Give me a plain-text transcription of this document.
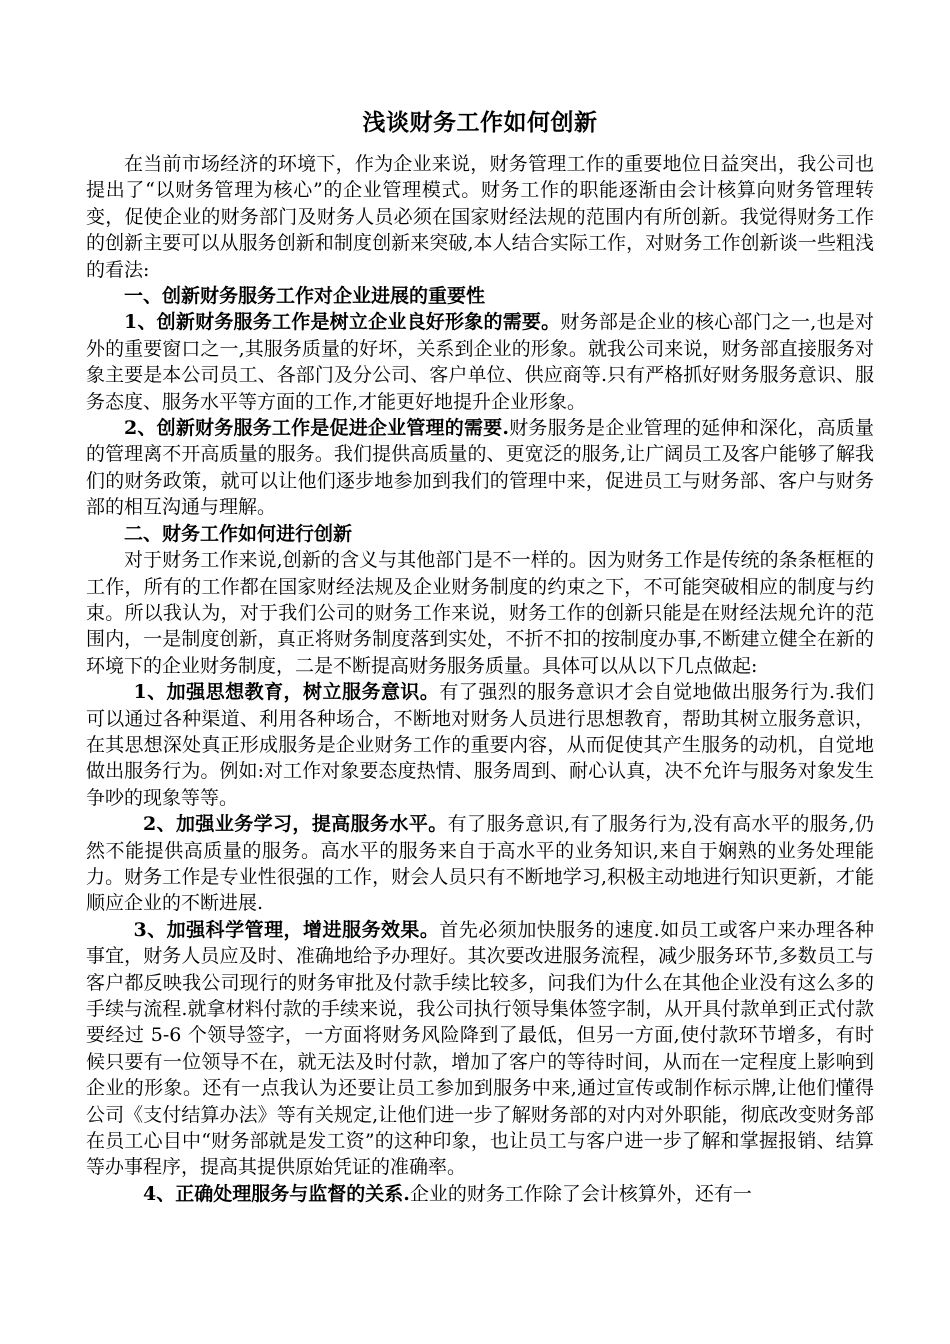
浅谈财务工作如何创新

在当前市场经济的环境下，作为企业来说，财务管理工作的重要地位日益突出，我公司也提出了“以财务管理为核心”的企业管理模式。财务工作的职能逐渐由会计核算向财务管理转变，促使企业的财务部门及财务人员必须在国家财经法规的范围内有所创新。我觉得财务工作的创新主要可以从服务创新和制度创新来突破,本人结合实际工作，对财务工作创新谈一些粗浅的看法:

一、创新财务服务工作对企业进展的重要性

1、创新财务服务工作是树立企业良好形象的需要。财务部是企业的核心部门之一,也是对外的重要窗口之一,其服务质量的好坏，关系到企业的形象。就我公司来说，财务部直接服务对象主要是本公司员工、各部门及分公司、客户单位、供应商等.只有严格抓好财务服务意识、服务态度、服务水平等方面的工作,才能更好地提升企业形象。

2、创新财务服务工作是促进企业管理的需要.财务服务是企业管理的延伸和深化，高质量的管理离不开高质量的服务。我们提供高质量的、更宽泛的服务,让广阔员工及客户能够了解我们的财务政策，就可以让他们逐步地参加到我们的管理中来，促进员工与财务部、客户与财务部的相互沟通与理解。

二、财务工作如何进行创新

对于财务工作来说,创新的含义与其他部门是不一样的。因为财务工作是传统的条条框框的工作，所有的工作都在国家财经法规及企业财务制度的约束之下，不可能突破相应的制度与约束。所以我认为，对于我们公司的财务工作来说，财务工作的创新只能是在财经法规允许的范围内，一是制度创新，真正将财务制度落到实处，不折不扣的按制度办事,不断建立健全在新的环境下的企业财务制度，二是不断提高财务服务质量。具体可以从以下几点做起:

1、加强思想教育，树立服务意识。有了强烈的服务意识才会自觉地做出服务行为.我们可以通过各种渠道、利用各种场合，不断地对财务人员进行思想教育，帮助其树立服务意识，在其思想深处真正形成服务是企业财务工作的重要内容，从而促使其产生服务的动机，自觉地做出服务行为。例如:对工作对象要态度热情、服务周到、耐心认真，决不允许与服务对象发生争吵的现象等等。

2、加强业务学习，提高服务水平。有了服务意识,有了服务行为,没有高水平的服务,仍然不能提供高质量的服务。高水平的服务来自于高水平的业务知识,来自于娴熟的业务处理能力。财务工作是专业性很强的工作，财会人员只有不断地学习,积极主动地进行知识更新，才能顺应企业的不断进展.

3、加强科学管理，增进服务效果。首先必须加快服务的速度.如员工或客户来办理各种事宜，财务人员应及时、准确地给予办理好。其次要改进服务流程，减少服务环节,多数员工与客户都反映我公司现行的财务审批及付款手续比较多，问我们为什么在其他企业没有这么多的手续与流程.就拿材料付款的手续来说，我公司执行领导集体签字制，从开具付款单到正式付款要经过 5-6 个领导签字，一方面将财务风险降到了最低，但另一方面,使付款环节增多，有时候只要有一位领导不在，就无法及时付款，增加了客户的等待时间，从而在一定程度上影响到企业的形象。还有一点我认为还要让员工参加到服务中来,通过宣传或制作标示牌,让他们懂得公司《支付结算办法》等有关规定,让他们进一步了解财务部的对内对外职能，彻底改变财务部在员工心目中“财务部就是发工资”的这种印象，也让员工与客户进一步了解和掌握报销、结算等办事程序，提高其提供原始凭证的准确率。

4、正确处理服务与监督的关系.企业的财务工作除了会计核算外，还有一
